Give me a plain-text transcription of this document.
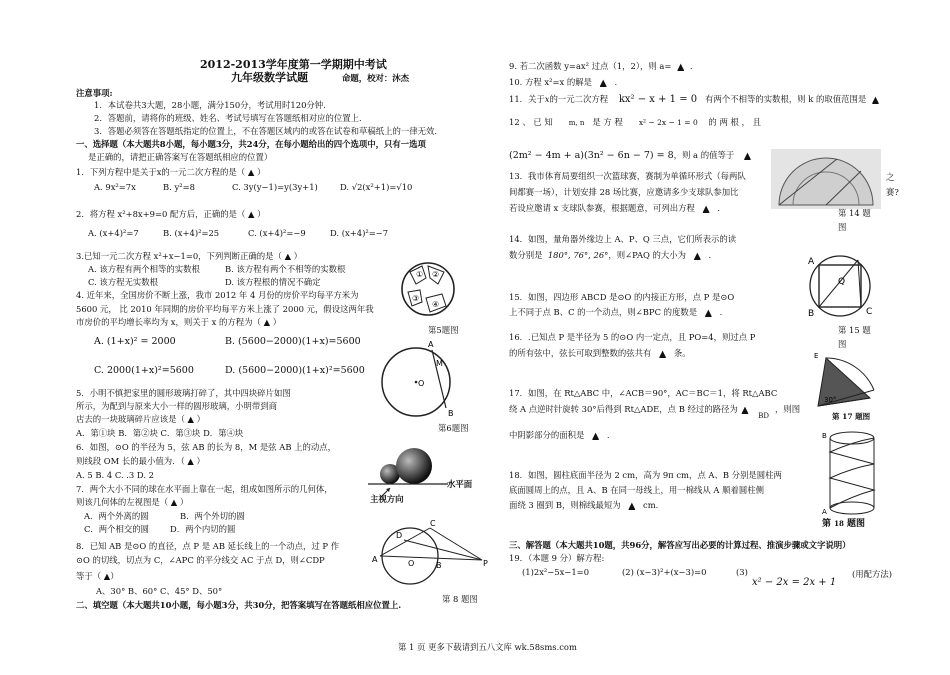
2012-2013学年度第一学期期中考试
九年级数学试题	命题，校对：沐杰
注意事项:
1．本试卷共3大题，28小题，满分150分，考试用时120分钟．
2．答题前，请将你的班级、姓名、考试号填写在答题纸相对应的位置上．
3．答题必须答在答题纸指定的位置上，不在答题区域内的或答在试卷和草稿纸上的一律无效．
一、选择题（本大题共8小题，每小题3分，共24分，在每小题给出的四个选项中，只有一选项
是正确的，请把正确答案写在答题纸相应的位置）
1．下列方程中是关于x的一元二次方程的是（ ▲ ）
A. 9x²=7x	B. y²=8	C. 3y(y−1)=y(3y+1)	D. √2(x²+1)=√10
2．将方程 x²+8x+9=0 配方后，正确的是（ ▲ ）
A. (x+4)²=7	B. (x+4)²=25	C. (x+4)²=−9	D. (x+4)²=−7
3.已知一元二次方程 x²+x−1=0，下列判断正确的是（ ▲ ）
A. 该方程有两个相等的实数根	B. 该方程有两个不相等的实数根
C. 该方程无实数根	D. 该方程根的情况不确定
4. 近年来，全国房价不断上涨，我市 2012 年 4 月份的房价平均每平方米为
5600 元， 比 2010 年同期的房价平均每平方米上涨了 2000 元，假设这两年我
市房价的平均增长率均为 x，则关于 x 的方程为（ ▲ ）
A. (1+x)² = 2000	B. (5600−2000)(1+x)=5600
C. 2000(1+x)²=5600	D. (5600−2000)(1+x)²=5600
5．小明不慎把家里的圆形玻璃打碎了，其中四块碎片如图
所示，为配到与原来大小一样的圆形玻璃，小明带到商
店去的一块玻璃碎片应该是（ ▲ ）
A．第①块 B．第②块 C．第③块 D．第④块
6．如图，⊙O 的半径为 5，弦 AB 的长为 8，M 是弦 AB 上的动点，
则线段 OM 长的最小值为．（ ▲ ）
A. 5 B. 4 C. .3 D. 2
7．两个大小不同的球在水平面上靠在一起，组成如图所示的几何体，
则该几何体的左视图是（ ▲ ）
A．两个外离的圆	B．两个外切的圆
C．两个相交的圆 D．两个内切的圆
8．已知 AB 是⊙O 的直径，点 P 是 AB 延长线上的一个动点，过 P 作
⊙O 的切线，切点为 C，∠APC 的平分线交 AC 于点 D，则∠CDP
等于（ ▲）
A、30° B、60° C、45° D、50°
二、填空题（本大题共10小题，每小题3分，共30分，把答案填写在答题纸相应位置上.
① ②
③
④
第5题图
O
A
B
M
第6题图
水平面
主视方向
A
C
D
O	B	P
第 8 题图
9. 若二次函数 y=ax² 过点（1，2），则 a= ▲ .
10. 方程 x²=x 的解是 ▲ .
11．关于x的一元二次方程 kx² − x + 1 = 0 有两个不相等的实数根，则 k 的取值范围是 ▲
12 、 已 知 m, n 是 方 程 x² − 2x − 1 = 0 的 两 根 ， 且
(2m² − 4m + a)(3n² − 6n − 7) = 8，则 a 的值等于 ▲
13．我市体育局要组织一次篮球赛，赛制为单循环形式（每两队	之
间都赛一场），计划安排 28 场比赛，应邀请多少支球队参加比	赛?
若设应邀请 x 支球队参赛，根据题意，可列出方程 ▲ .	第 14 题
图
14．如图，量角器外缘边上 A、P、Q 三点，它们所表示的读
数分别是 180°, 76°, 26°，则∠PAQ 的大小为 ▲ .
A
C
B
Q
第 15 题
图
15．如图，四边形 ABCD 是⊙O 的内接正方形，点 P 是⊙O
上不同于点 B、C 的一个动点，则∠BPC 的度数是 ▲ .
16．.已知点 P 是半径为 5 的⊙O 内一定点，且 PO=4，则过点 P
的所有弦中，弦长可取到整数的弦共有 ▲ 条。	E
30°
第 17 题图
17．如图，在 Rt△ABC 中，∠ACB＝90°，AC＝BC＝1，将 Rt△ABC
绕 A 点逆时针旋转 30°后得到 Rt△ADE，点 B 经过的路径为 $▲_{BD}$，则图
中阴影部分的面积是 ▲ .	B
A
第 18 题图
18．如图，圆柱底面半径为 2 cm，高为 9π cm，点 A、B 分别是圆柱两
底面圆周上的点，且 A、B 在同一母线上，用一棉线从 A 顺着圆柱侧
面绕 3 圈到 B，则棉线最短为 ▲ cm.
三、解答题（本大题共10题，共96分，解答应写出必要的计算过程、推演步骤或文字说明）
19．（本题 9 分）解方程:
(1)2x²−5x−1=0	(2) (x−3)²+(x−3)=0	(3)
x² − 2x = 2x + 1
(用配方法)
第 1 页 更多下载请到五八文库 wk.58sms.com
